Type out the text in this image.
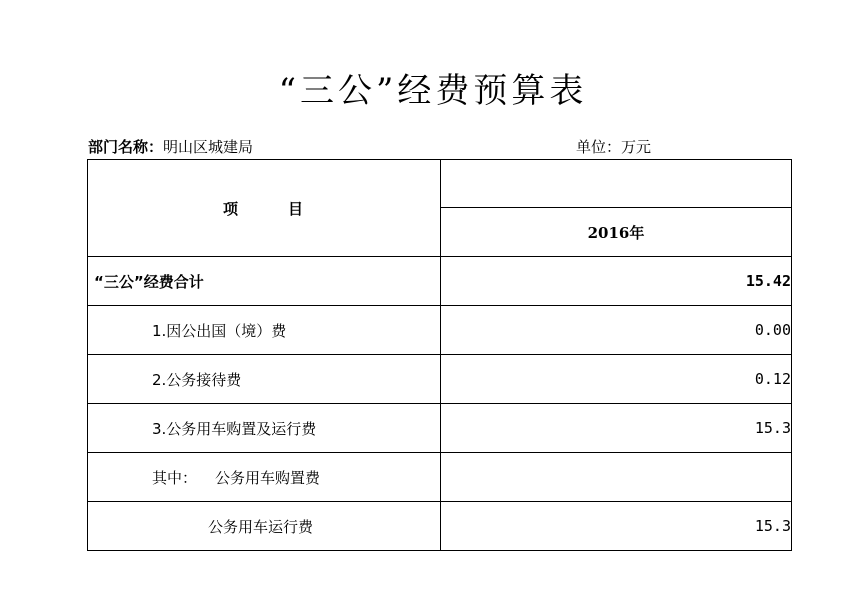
“三公”经费预算表
部门名称：明山区城建局	单位：万元
项 目	
	2016年
“三公”经费合计	15.42
1.因公出国（境）费	0.00
2.公务接待费	0.12
3.公务用车购置及运行费	15.3
其中： 公务用车购置费	
公务用车运行费	15.3
